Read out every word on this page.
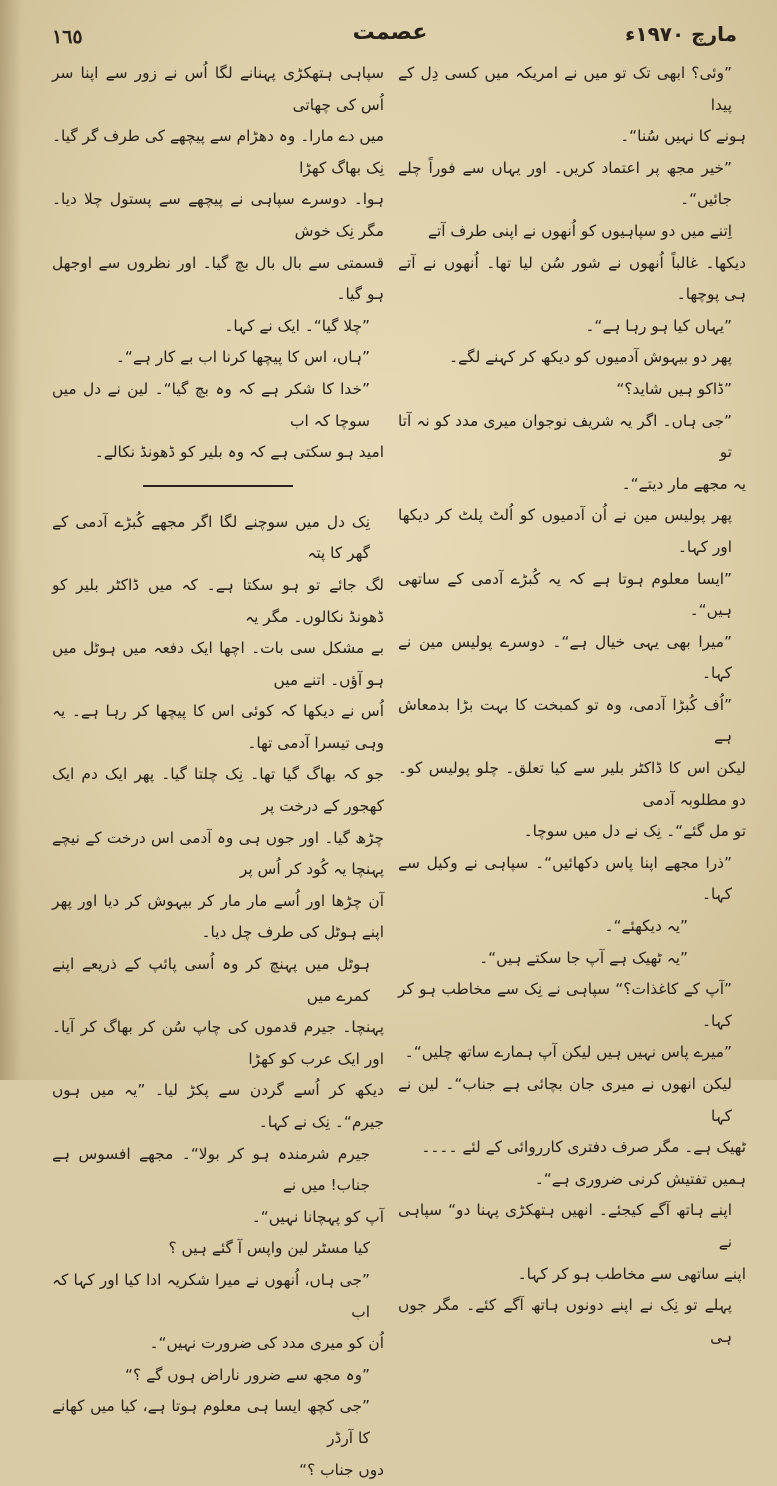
١٦٥	عصمت	مارچ ١٩٧٠ء

”وئی؟ ابھی تک تو میں نے امریکہ میں کسی دِل کے پیدا

ہونے کا نہیں سُنا“۔

”خیر مجھ پر اعتماد کریں۔ اور یہاں سے فوراً چلے جائیں“۔

اِتنے میں دو سپاہیوں کو اُنھوں نے اپنی طرف آتے

دیکھا۔ غالباً اُنھوں نے شور سُن لیا تھا۔ اُنھوں نے آتے ہی پوچھا۔

”یہاں کیا ہو رہا ہے“۔

پھر دو بیہوش آدمیوں کو دیکھ کر کہنے لگے۔

”ڈاکو ہیں شاید؟“

”جی ہاں۔ اگر یہ شریف نوجوان میری مدد کو نہ آتا تو

یہ مجھے مار دیتے“۔

پھر پولیس مین نے اُن آدمیوں کو اُلٹ پلٹ کر دیکھا اور کہا۔

”ایسا معلوم ہوتا ہے کہ یہ کُبڑے آدمی کے ساتھی ہیں“۔

”میرا بھی یہی خیال ہے“۔ دوسرے پولیس مین نے کہا۔

”اُف کُبڑا آدمی، وہ تو کمبخت کا بہت بڑا بدمعاش ہے

لیکن اس کا ڈاکٹر بلیر سے کیا تعلق۔ چلو پولیس کو۔ دو مطلوبہ آدمی

تو مل گئے“۔ نِک نے دل میں سوچا۔

”ذرا مجھے اپنا پاس دکھائیں“۔ سپاہی نے وکیل سے کہا۔

”یہ دیکھئے“۔

”یہ ٹھیک ہے آپ جا سکتے ہیں“۔

”آپ کے کاغذات؟“ سپاہی نے نِک سے مخاطب ہو کر کہا۔

”میرے پاس نہیں ہیں لیکن آپ ہمارے ساتھ چلیں“۔

لیکن انھوں نے میری جان بچائی ہے جناب“۔ لین نے کہا

ٹھیک ہے۔ مگر صرف دفتری کارروائی کے لئے ۔۔۔۔

ہمیں تفتیش کرنی ضروری ہے“۔

اپنے ہاتھ آگے کیجئے۔ انھیں ہتھکڑی پہنا دو“ سپاہی نے

اپنے ساتھی سے مخاطب ہو کر کہا۔

پہلے تو نِک نے اپنے دونوں ہاتھ آگے کئے۔ مگر جوں ہی

سپاہی ہتھکڑی پہنانے لگا اُس نے زور سے اپنا سر اُس کی چھاتی

میں دے مارا۔ وہ دھڑام سے پیچھے کی طرف گر گیا۔ نِک بھاگ کھڑا

ہوا۔ دوسرے سپاہی نے پیچھے سے پستول چلا دیا۔ مگر نِک خوش

قسمتی سے بال بال بچ گیا۔ اور نظروں سے اوجھل ہو گیا۔

”چلا گیا“۔ ایک نے کہا۔

”ہاں، اس کا پیچھا کرنا اب بے کار ہے“۔

”خدا کا شکر ہے کہ وہ بچ گیا“۔ لین نے دل میں سوچا کہ اب

امید ہو سکتی ہے کہ وہ بلیر کو ڈھونڈ نکالے۔

نِک دل میں سوچنے لگا اگر مجھے کُبڑے آدمی کے گھر کا پتہ

لگ جائے تو ہو سکتا ہے۔ کہ میں ڈاکٹر بلیر کو ڈھونڈ نکالوں۔ مگر یہ

بے مشکل سی بات۔ اچھا ایک دفعہ میں ہوٹل میں ہو آؤں۔ اتنے میں

اُس نے دیکھا کہ کوئی اس کا پیچھا کر رہا ہے۔ یہ وہی تیسرا آدمی تھا۔

جو کہ بھاگ گیا تھا۔ نِک چلتا گیا۔ پھر ایک دم ایک کھجور کے درخت پر

چڑھ گیا۔ اور جوں ہی وہ آدمی اس درخت کے نیچے پہنچا یہ کُود کر اُس پر

آن چڑھا اور اُسے مار مار کر بیہوش کر دیا اور پھر اپنے ہوٹل کی طرف چل دیا۔

ہوٹل میں پہنچ کر وہ اُسی پائپ کے ذریعے اپنے کمرے میں

پہنچا۔ جیرم قدموں کی چاپ سُن کر بھاگ کر آیا۔ اور ایک عرب کو کھڑا

دیکھ کر اُسے گردن سے پکڑ لیا۔ ”یہ میں ہوں جیرم“۔ نِک نے کہا۔

جیرم شرمندہ ہو کر بولا“۔ مجھے افسوس ہے جناب! میں نے

آپ کو پہچانا نہیں“۔

کیا مسٹر لین واپس آ گئے ہیں ؟

”جی ہاں، اُنھوں نے میرا شکریہ ادا کیا اور کہا کہ اب

اُن کو میری مدد کی ضرورت نہیں“۔

”وہ مجھ سے ضرور ناراض ہوں گے ؟“

”جی کچھ ایسا ہی معلوم ہوتا ہے، کیا میں کھانے کا آرڈر

دوں جناب ؟“
